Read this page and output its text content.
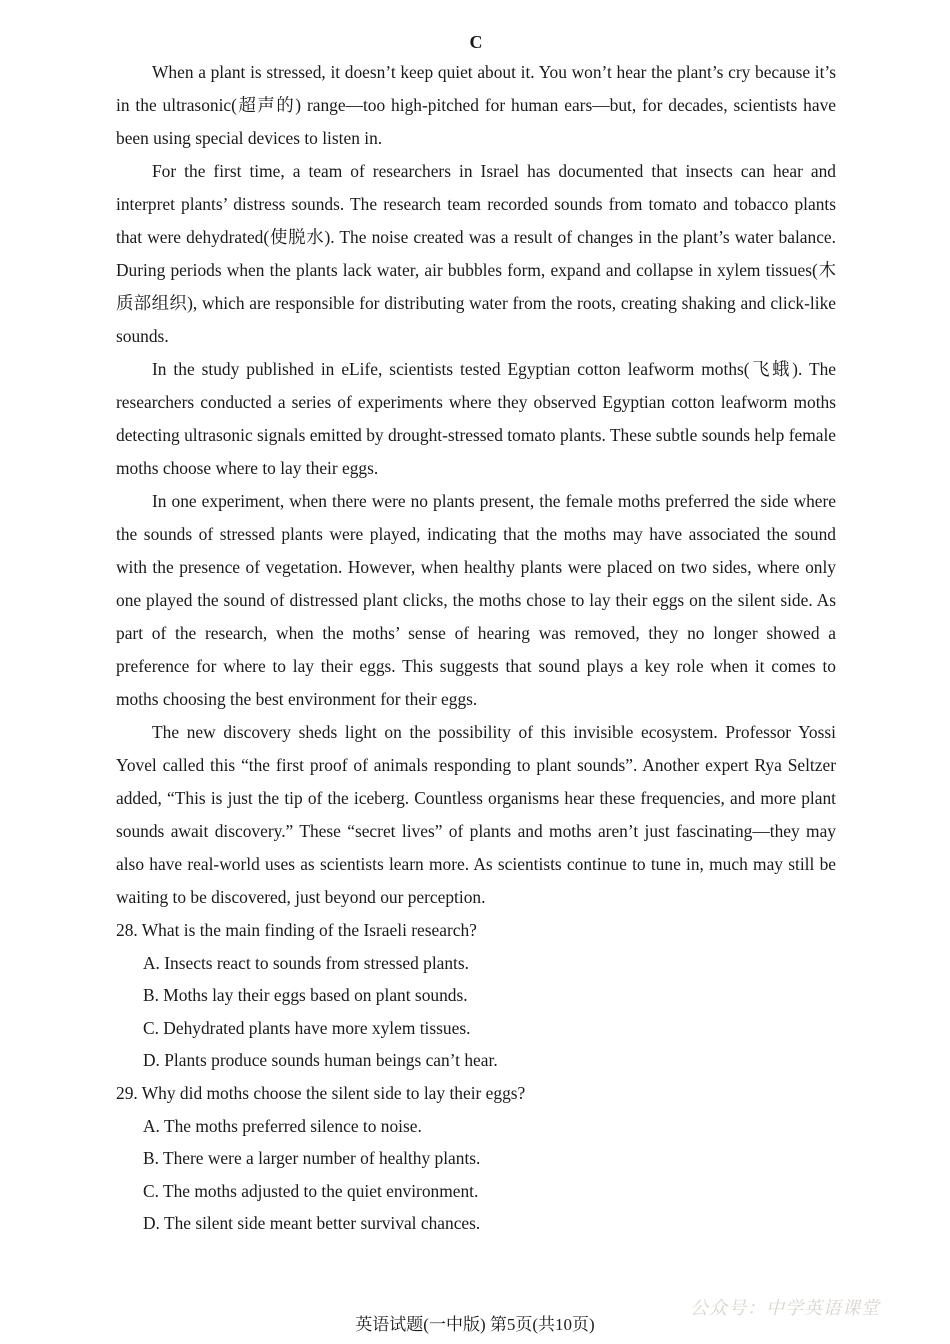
C

When a plant is stressed, it doesn’t keep quiet about it. You won’t hear the plant’s cry because it’s in the ultrasonic(超声的) range—too high-pitched for human ears—but, for decades, scientists have been using special devices to listen in.

For the first time, a team of researchers in Israel has documented that insects can hear and interpret plants’ distress sounds. The research team recorded sounds from tomato and tobacco plants that were dehydrated(使脱水). The noise created was a result of changes in the plant’s water balance. During periods when the plants lack water, air bubbles form, expand and collapse in xylem tissues(木质部组织), which are responsible for distributing water from the roots, creating shaking and click-like sounds.

In the study published in eLife, scientists tested Egyptian cotton leafworm moths(飞蛾). The researchers conducted a series of experiments where they observed Egyptian cotton leafworm moths detecting ultrasonic signals emitted by drought-stressed tomato plants. These subtle sounds help female moths choose where to lay their eggs.

In one experiment, when there were no plants present, the female moths preferred the side where the sounds of stressed plants were played, indicating that the moths may have associated the sound with the presence of vegetation. However, when healthy plants were placed on two sides, where only one played the sound of distressed plant clicks, the moths chose to lay their eggs on the silent side. As part of the research, when the moths’ sense of hearing was removed, they no longer showed a preference for where to lay their eggs. This suggests that sound plays a key role when it comes to moths choosing the best environment for their eggs.

The new discovery sheds light on the possibility of this invisible ecosystem. Professor Yossi Yovel called this “the first proof of animals responding to plant sounds”. Another expert Rya Seltzer added, “This is just the tip of the iceberg. Countless organisms hear these frequencies, and more plant sounds await discovery.” These “secret lives” of plants and moths aren’t just fascinating—they may also have real-world uses as scientists learn more. As scientists continue to tune in, much may still be waiting to be discovered, just beyond our perception.

28. What is the main finding of the Israeli research?

A. Insects react to sounds from stressed plants.

B. Moths lay their eggs based on plant sounds.

C. Dehydrated plants have more xylem tissues.

D. Plants produce sounds human beings can’t hear.

29. Why did moths choose the silent side to lay their eggs?

A. The moths preferred silence to noise.

B. There were a larger number of healthy plants.

C. The moths adjusted to the quiet environment.

D. The silent side meant better survival chances.

公众号：中学英语课堂
英语试题(一中版) 第5页(共10页)
